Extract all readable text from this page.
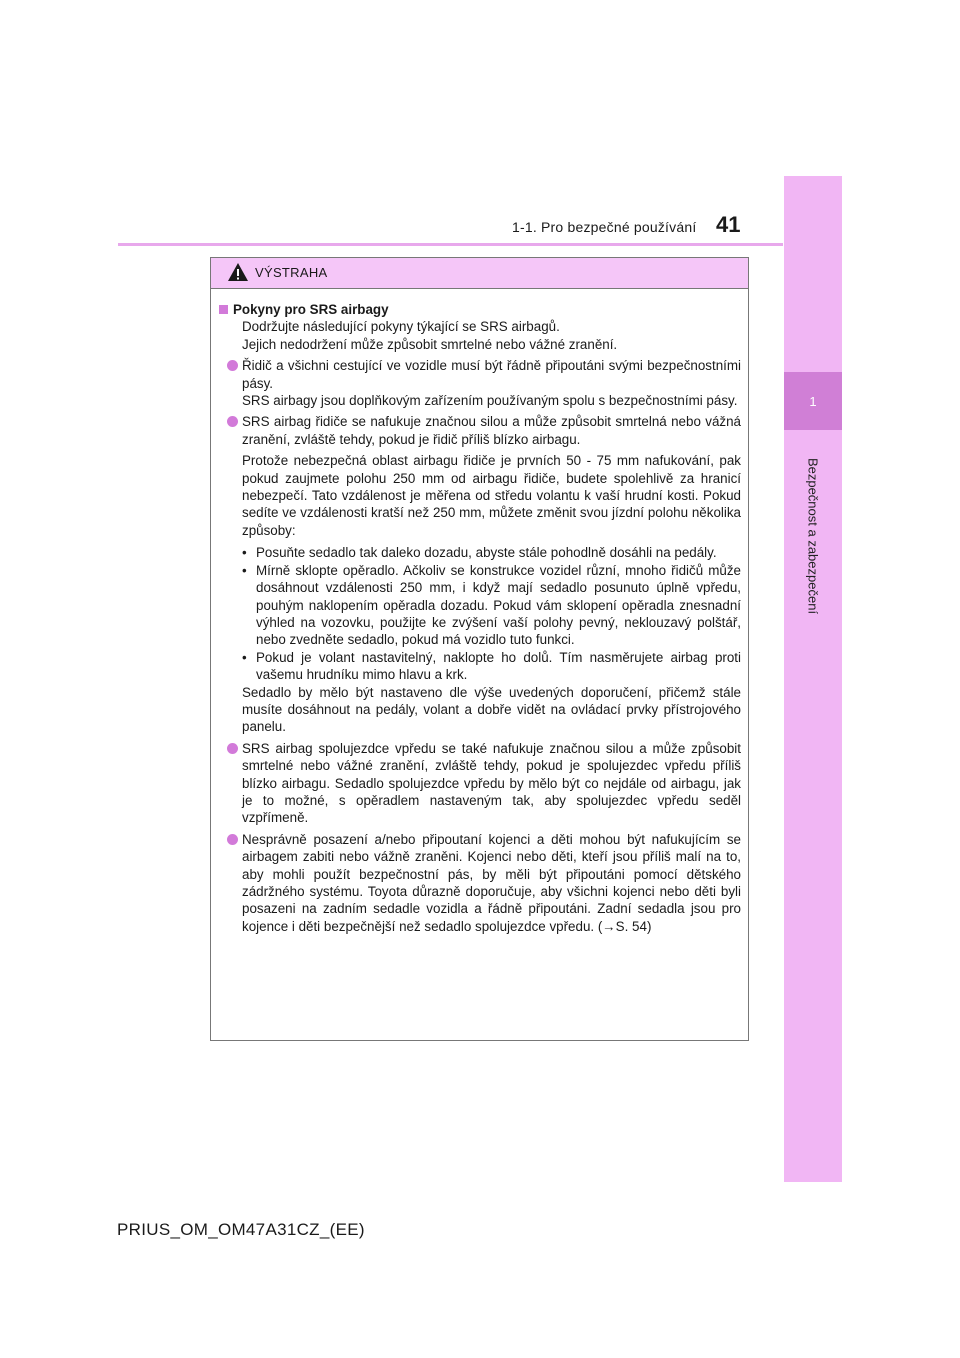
1-1. Pro bezpečné používání 41
1
Bezpečnost a zabezpečení
VÝSTRAHA
Pokyny pro SRS airbagy
Dodržujte následující pokyny týkající se SRS airbagů.
Jejich nedodržení může způsobit smrtelné nebo vážné zranění.
Řidič a všichni cestující ve vozidle musí být řádně připoutáni svými bezpečnostními pásy.
SRS airbagy jsou doplňkovým zařízením používaným spolu s bezpečnostními pásy.
SRS airbag řidiče se nafukuje značnou silou a může způsobit smrtelná nebo vážná zranění, zvláště tehdy, pokud je řidič příliš blízko airbagu.
Protože nebezpečná oblast airbagu řidiče je prvních 50 - 75 mm nafukování, pak pokud zaujmete polohu 250 mm od airbagu řidiče, budete spolehlivě za hranicí nebezpečí. Tato vzdálenost je měřena od středu volantu k vaší hrudní kosti. Pokud sedíte ve vzdálenosti kratší než 250 mm, můžete změnit svou jízdní polohu několika způsoby:
• Posuňte sedadlo tak daleko dozadu, abyste stále pohodlně dosáhli na pedály.
• Mírně sklopte opěradlo. Ačkoliv se konstrukce vozidel různí, mnoho řidičů může dosáhnout vzdálenosti 250 mm, i když mají sedadlo posunuto úplně vpředu, pouhým naklopením opěradla dozadu. Pokud vám sklopení opěradla znesnadní výhled na vozovku, použijte ke zvýšení vaší polohy pevný, neklouzavý polštář, nebo zvedněte sedadlo, pokud má vozidlo tuto funkci.
• Pokud je volant nastavitelný, naklopte ho dolů. Tím nasměrujete airbag proti vašemu hrudníku mimo hlavu a krk.
Sedadlo by mělo být nastaveno dle výše uvedených doporučení, přičemž stále musíte dosáhnout na pedály, volant a dobře vidět na ovládací prvky přístrojového panelu.
SRS airbag spolujezdce vpředu se také nafukuje značnou silou a může způsobit smrtelné nebo vážné zranění, zvláště tehdy, pokud je spolujezdec vpředu příliš blízko airbagu. Sedadlo spolujezdce vpředu by mělo být co nejdále od airbagu, jak je to možné, s opěradlem nastaveným tak, aby spolujezdec vpředu seděl vzpřímeně.
Nesprávně posazení a/nebo připoutaní kojenci a děti mohou být nafukujícím se airbagem zabiti nebo vážně zraněni. Kojenci nebo děti, kteří jsou příliš malí na to, aby mohli použít bezpečnostní pás, by měli být připoutáni pomocí dětského zádržného systému. Toyota důrazně doporučuje, aby všichni kojenci nebo děti byli posazeni na zadním sedadle vozidla a řádně připoutáni. Zadní sedadla jsou pro kojence i děti bezpečnější než sedadlo spolujezdce vpředu. (→S. 54)
PRIUS_OM_OM47A31CZ_(EE)
